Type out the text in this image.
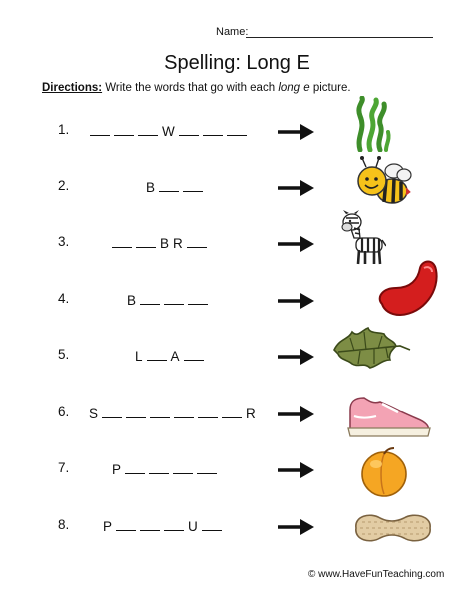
Name:
Spelling: Long E
Directions: Write the words that go with each long e picture.
1.	W
2.	B
3.	B R
4.	B
5.	L A
6. S	R
7.	P
8. P	U
© www.HaveFunTeaching.com
